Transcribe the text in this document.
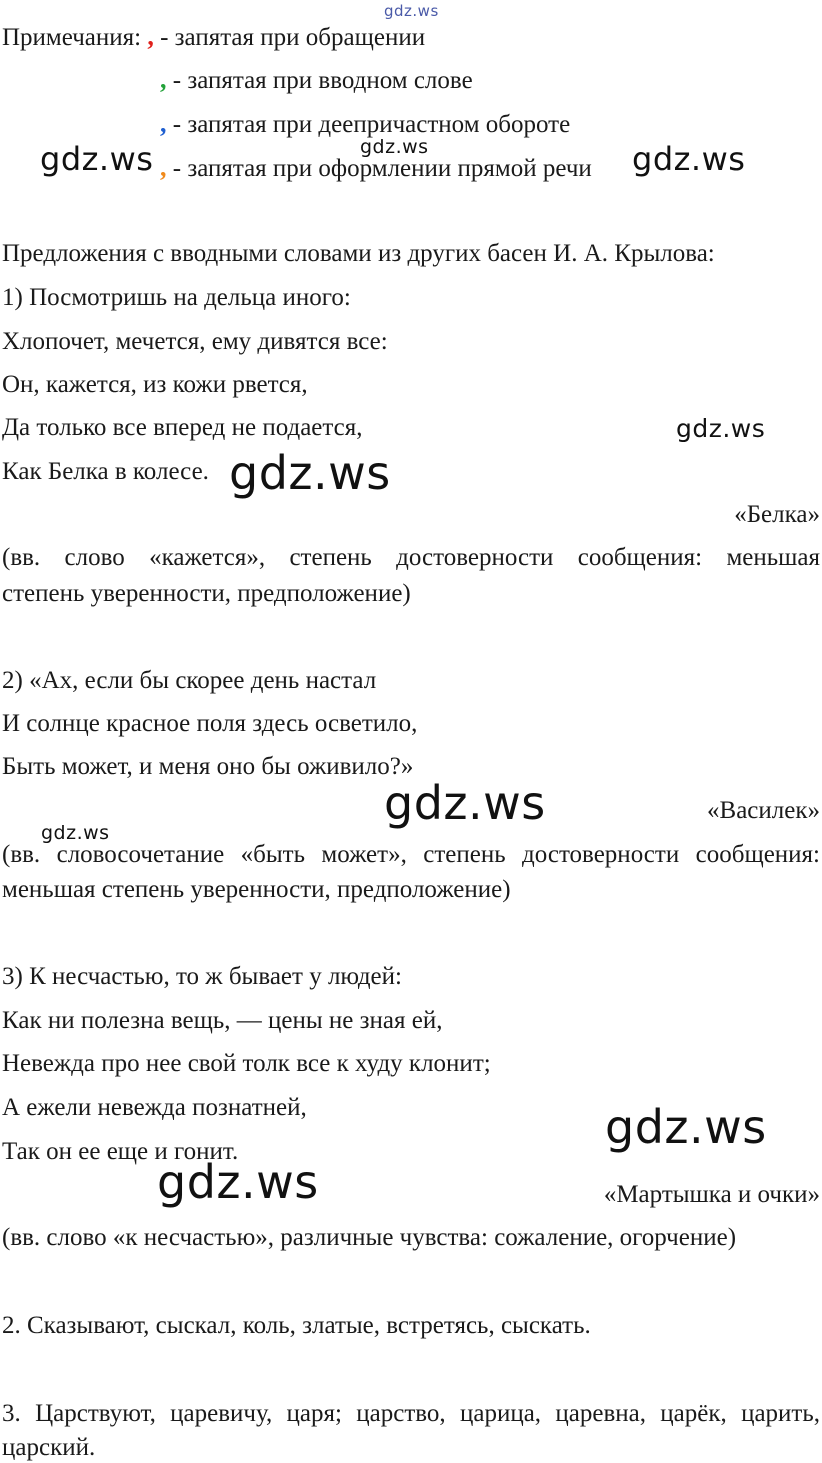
gdz.ws
Примечания: , - запятая при обращении
, - запятая при вводном слове
, - запятая при деепричастном обороте
, - запятая при оформлении прямой речи
gdz.ws	gdz.ws	gdz.ws
Предложения с вводными словами из других басен И. А. Крылова:
1) Посмотришь на дельца иного:
Хлопочет, мечется, ему дивятся все:
Он, кажется, из кожи рвется,
Да только все вперед не подается,
Как Белка в колесе.
gdz.ws
gdz.ws
«Белка»
(вв. слово «кажется», степень достоверности сообщения: меньшая
степень уверенности, предположение)
2) «Ах, если бы скорее день настал
И солнце красное поля здесь осветило,
Быть может, и меня оно бы оживило?»
gdz.ws	«Василек»
gdz.ws
(вв. словосочетание «быть может», степень достоверности сообщения:
меньшая степень уверенности, предположение)
3) К несчастью, то ж бывает у людей:
Как ни полезна вещь, — цены не зная ей,
Невежда про нее свой толк все к худу клонит;
А ежели невежда познатней,
Так он ее еще и гонит.	gdz.ws
gdz.ws	«Мартышка и очки»
(вв. слово «к несчастью», различные чувства: сожаление, огорчение)
2. Сказывают, сыскал, коль, златые, встретясь, сыскать.
3. Царствуют, царевичу, царя; царство, царица, царевна, царёк, царить,
царский.
